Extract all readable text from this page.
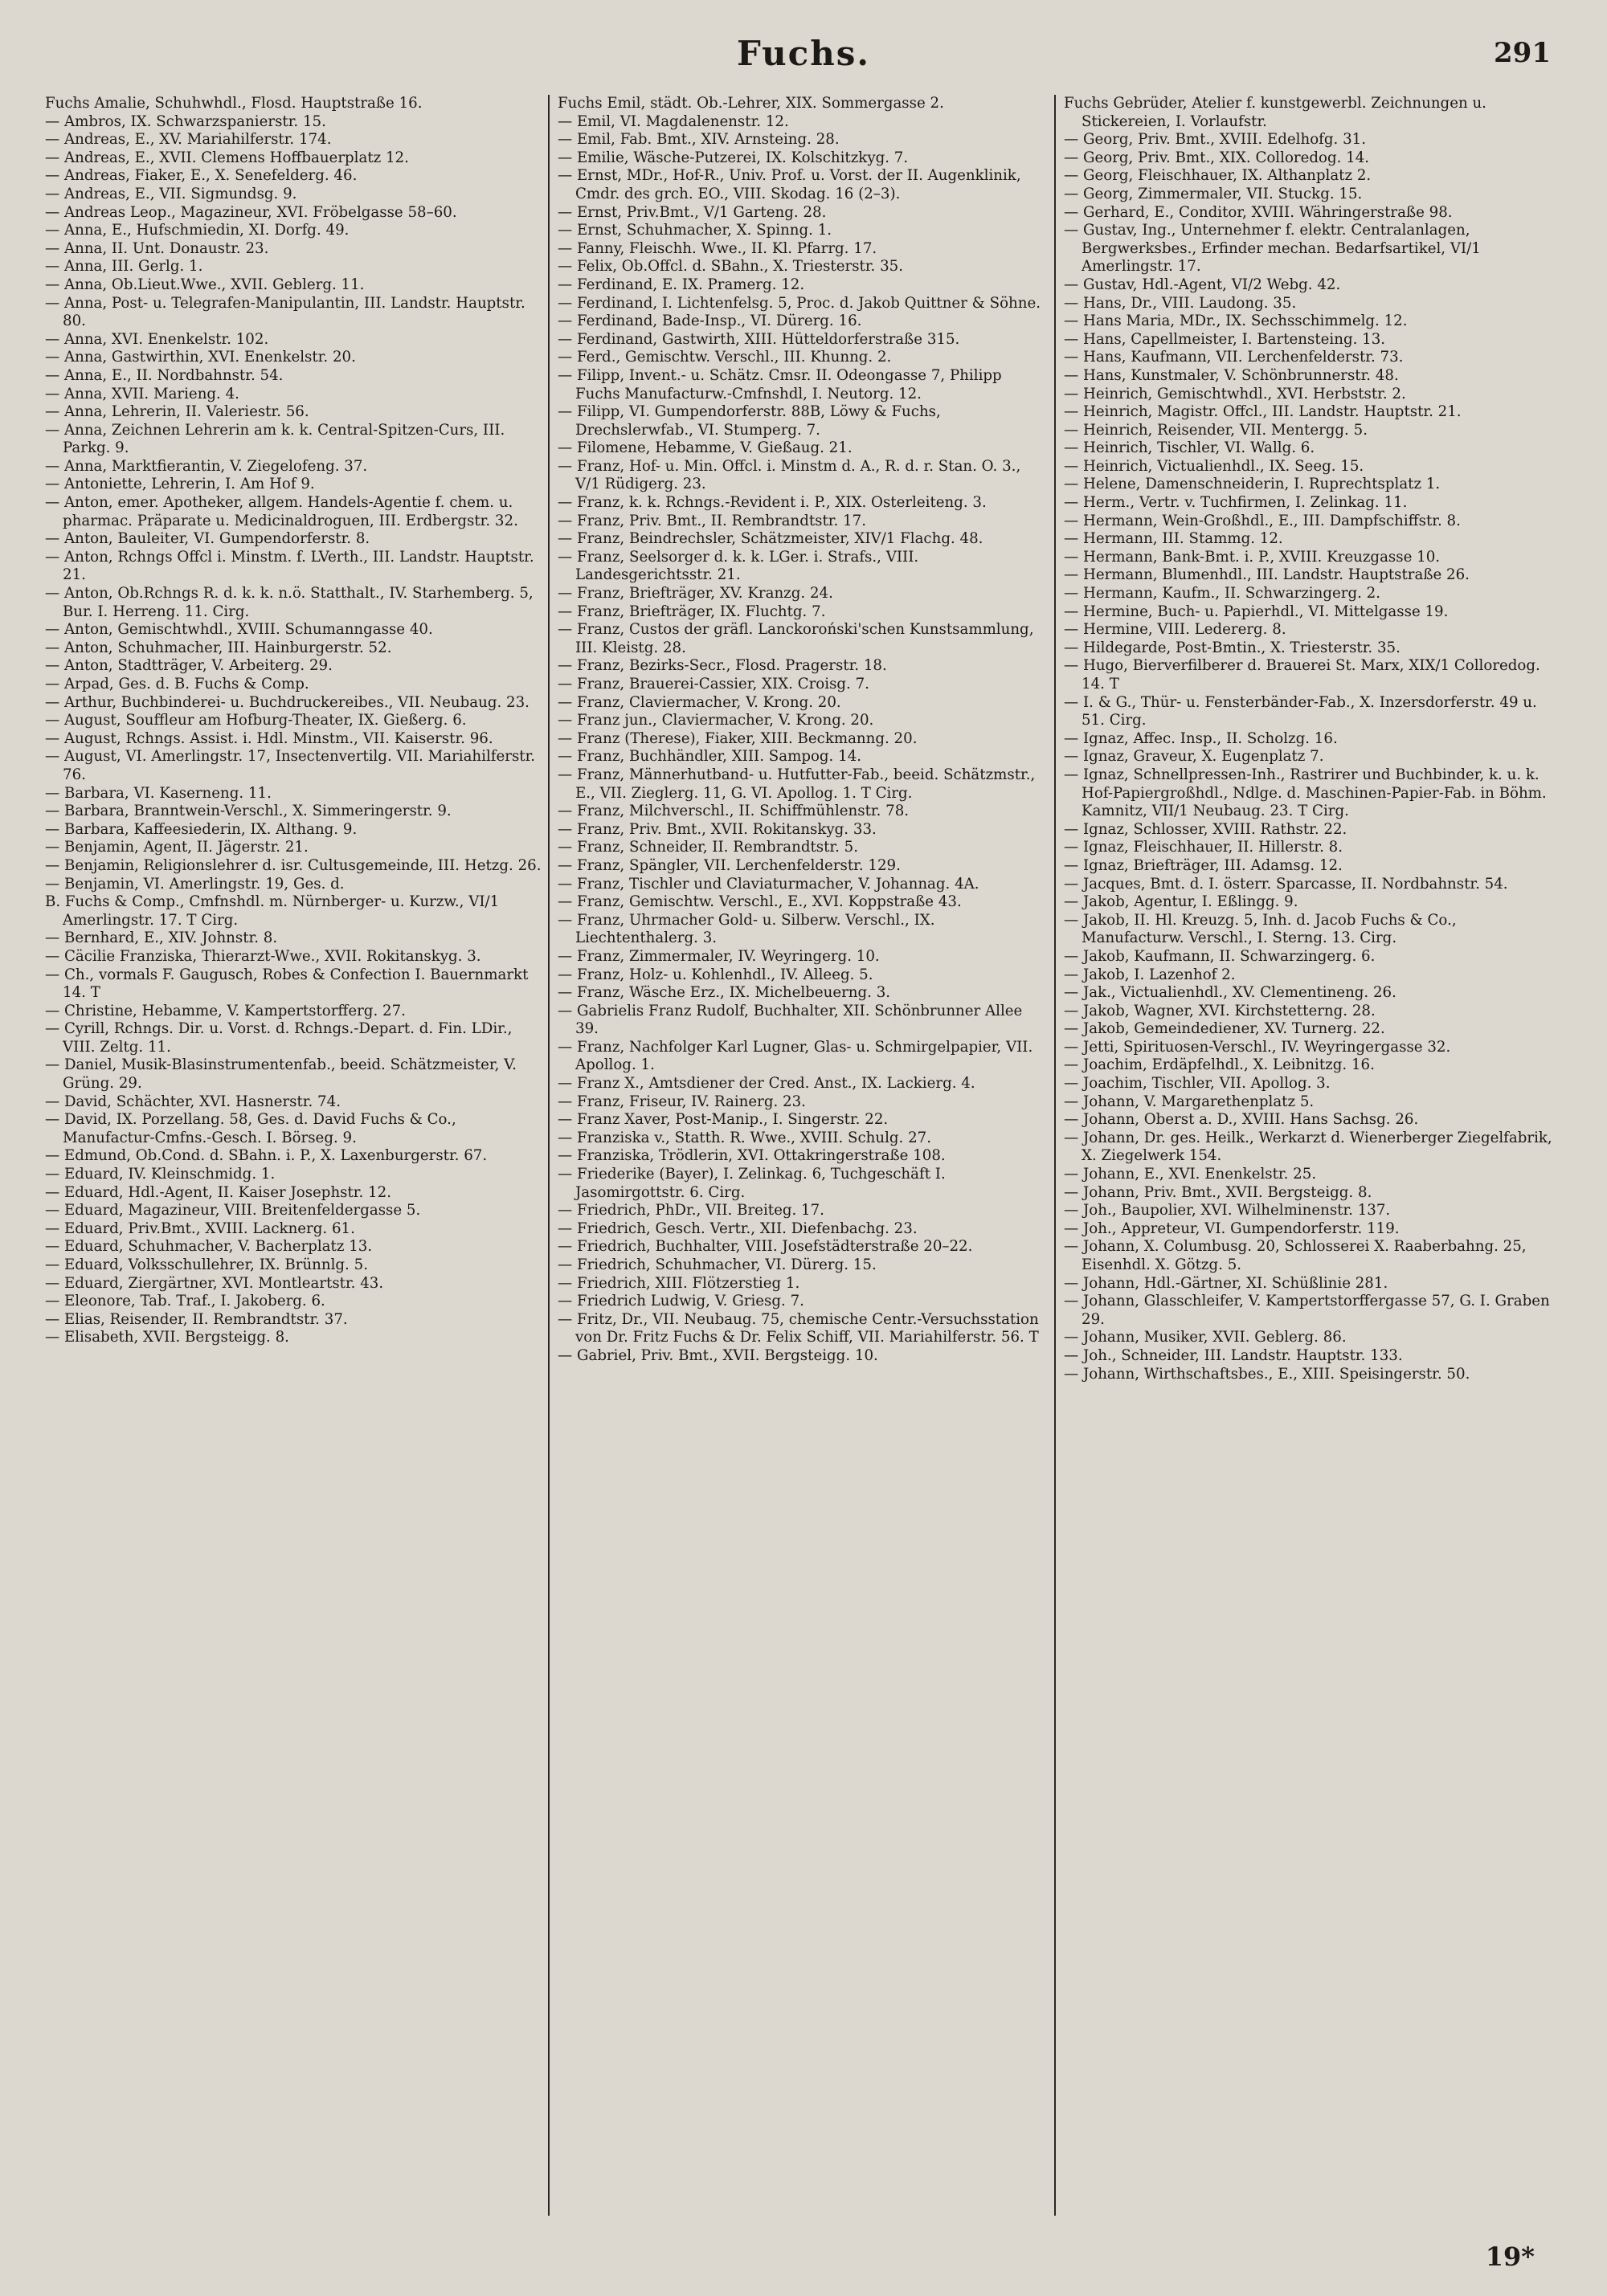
Fuchs.	291

Fuchs Amalie, Schuhwhdl., Flosd. Hauptstraße 16.

— Ambros, IX. Schwarzspanierstr. 15.

— Andreas, E., XV. Mariahilferstr. 174.

— Andreas, E., XVII. Clemens Hoffbauerplatz 12.

— Andreas, Fiaker, E., X. Senefelderg. 46.

— Andreas, E., VII. Sigmundsg. 9.

— Andreas Leop., Magazineur, XVI. Fröbelgasse 58–60.

— Anna, E., Hufschmiedin, XI. Dorfg. 49.

— Anna, II. Unt. Donaustr. 23.

— Anna, III. Gerlg. 1.

— Anna, Ob.Lieut.Wwe., XVII. Geblerg. 11.

— Anna, Post- u. Telegrafen-Manipulantin, III. Landstr. Hauptstr. 80.

— Anna, XVI. Enenkelstr. 102.

— Anna, Gastwirthin, XVI. Enenkelstr. 20.

— Anna, E., II. Nordbahnstr. 54.

— Anna, XVII. Marieng. 4.

— Anna, Lehrerin, II. Valeriestr. 56.

— Anna, Zeichnen Lehrerin am k. k. Central-Spitzen-Curs, III. Parkg. 9.

— Anna, Marktfierantin, V. Ziegelofeng. 37.

— Antoniette, Lehrerin, I. Am Hof 9.

— Anton, emer. Apotheker, allgem. Handels-Agentie f. chem. u. pharmac. Präparate u. Medicinaldroguen, III. Erdbergstr. 32.

— Anton, Bauleiter, VI. Gumpendorferstr. 8.

— Anton, Rchngs Offcl i. Minstm. f. LVerth., III. Landstr. Hauptstr. 21.

— Anton, Ob.Rchngs R. d. k. k. n.ö. Statthalt., IV. Starhemberg. 5, Bur. I. Herreng. 11. Cirg.

— Anton, Gemischtwhdl., XVIII. Schumanngasse 40.

— Anton, Schuhmacher, III. Hainburgerstr. 52.

— Anton, Stadtträger, V. Arbeiterg. 29.

— Arpad, Ges. d. B. Fuchs & Comp.

— Arthur, Buchbinderei- u. Buchdruckereibes., VII. Neubaug. 23.

— August, Souffleur am Hofburg-Theater, IX. Gießerg. 6.

— August, Rchngs. Assist. i. Hdl. Minstm., VII. Kaiserstr. 96.

— August, VI. Amerlingstr. 17, Insectenvertilg. VII. Mariahilferstr. 76.

— Barbara, VI. Kaserneng. 11.

— Barbara, Branntwein-Verschl., X. Simmeringerstr. 9.

— Barbara, Kaffeesiederin, IX. Althang. 9.

— Benjamin, Agent, II. Jägerstr. 21.

— Benjamin, Religionslehrer d. isr. Cultusgemeinde, III. Hetzg. 26.

— Benjamin, VI. Amerlingstr. 19, Ges. d.

B. Fuchs & Comp., Cmfnshdl. m. Nürnberger- u. Kurzw., VI/1 Amerlingstr. 17. T Cirg.

— Bernhard, E., XIV. Johnstr. 8.

— Cäcilie Franziska, Thierarzt-Wwe., XVII. Rokitanskyg. 3.

— Ch., vormals F. Gaugusch, Robes & Confection I. Bauernmarkt 14. T

— Christine, Hebamme, V. Kampertstorfferg. 27.

— Cyrill, Rchngs. Dir. u. Vorst. d. Rchngs.-Depart. d. Fin. LDir., VIII. Zeltg. 11.

— Daniel, Musik-Blasinstrumentenfab., beeid. Schätzmeister, V. Grüng. 29.

— David, Schächter, XVI. Hasnerstr. 74.

— David, IX. Porzellang. 58, Ges. d. David Fuchs & Co., Manufactur-Cmfns.-Gesch. I. Börseg. 9.

— Edmund, Ob.Cond. d. SBahn. i. P., X. Laxenburgerstr. 67.

— Eduard, IV. Kleinschmidg. 1.

— Eduard, Hdl.-Agent, II. Kaiser Josephstr. 12.

— Eduard, Magazineur, VIII. Breitenfeldergasse 5.

— Eduard, Priv.Bmt., XVIII. Lacknerg. 61.

— Eduard, Schuhmacher, V. Bacherplatz 13.

— Eduard, Volksschullehrer, IX. Brünnlg. 5.

— Eduard, Ziergärtner, XVI. Montleartstr. 43.

— Eleonore, Tab. Traf., I. Jakoberg. 6.

— Elias, Reisender, II. Rembrandtstr. 37.

— Elisabeth, XVII. Bergsteigg. 8.

Fuchs Emil, städt. Ob.-Lehrer, XIX. Sommergasse 2.

— Emil, VI. Magdalenenstr. 12.

— Emil, Fab. Bmt., XIV. Arnsteing. 28.

— Emilie, Wäsche-Putzerei, IX. Kolschitzkyg. 7.

— Ernst, MDr., Hof-R., Univ. Prof. u. Vorst. der II. Augenklinik, Cmdr. des grch. EO., VIII. Skodag. 16 (2–3).

— Ernst, Priv.Bmt., V/1 Garteng. 28.

— Ernst, Schuhmacher, X. Spinng. 1.

— Fanny, Fleischh. Wwe., II. Kl. Pfarrg. 17.

— Felix, Ob.Offcl. d. SBahn., X. Triesterstr. 35.

— Ferdinand, E. IX. Pramerg. 12.

— Ferdinand, I. Lichtenfelsg. 5, Proc. d. Jakob Quittner & Söhne.

— Ferdinand, Bade-Insp., VI. Dürerg. 16.

— Ferdinand, Gastwirth, XIII. Hütteldorferstraße 315.

— Ferd., Gemischtw. Verschl., III. Khunng. 2.

— Filipp, Invent.- u. Schätz. Cmsr. II. Odeongasse 7, Philipp Fuchs Manufacturw.-Cmfnshdl, I. Neutorg. 12.

— Filipp, VI. Gumpendorferstr. 88B, Löwy & Fuchs, Drechslerwfab., VI. Stumperg. 7.

— Filomene, Hebamme, V. Gießaug. 21.

— Franz, Hof- u. Min. Offcl. i. Minstm d. A., R. d. r. Stan. O. 3., V/1 Rüdigerg. 23.

— Franz, k. k. Rchngs.-Revident i. P., XIX. Osterleiteng. 3.

— Franz, Priv. Bmt., II. Rembrandtstr. 17.

— Franz, Beindrechsler, Schätzmeister, XIV/1 Flachg. 48.

— Franz, Seelsorger d. k. k. LGer. i. Strafs., VIII. Landesgerichtsstr. 21.

— Franz, Briefträger, XV. Kranzg. 24.

— Franz, Briefträger, IX. Fluchtg. 7.

— Franz, Custos der gräfl. Lanckoroński'schen Kunstsammlung, III. Kleistg. 28.

— Franz, Bezirks-Secr., Flosd. Pragerstr. 18.

— Franz, Brauerei-Cassier, XIX. Croisg. 7.

— Franz, Claviermacher, V. Krong. 20.

— Franz jun., Claviermacher, V. Krong. 20.

— Franz (Therese), Fiaker, XIII. Beckmanng. 20.

— Franz, Buchhändler, XIII. Sampog. 14.

— Franz, Männerhutband- u. Hutfutter-Fab., beeid. Schätzmstr., E., VII. Zieglerg. 11, G. VI. Apollog. 1. T Cirg.

— Franz, Milchverschl., II. Schiffmühlenstr. 78.

— Franz, Priv. Bmt., XVII. Rokitanskyg. 33.

— Franz, Schneider, II. Rembrandtstr. 5.

— Franz, Spängler, VII. Lerchenfelderstr. 129.

— Franz, Tischler und Claviaturmacher, V. Johannag. 4A.

— Franz, Gemischtw. Verschl., E., XVI. Koppstraße 43.

— Franz, Uhrmacher Gold- u. Silberw. Verschl., IX. Liechtenthalerg. 3.

— Franz, Zimmermaler, IV. Weyringerg. 10.

— Franz, Holz- u. Kohlenhdl., IV. Alleeg. 5.

— Franz, Wäsche Erz., IX. Michelbeuerng. 3.

— Gabrielis Franz Rudolf, Buchhalter, XII. Schönbrunner Allee 39.

— Franz, Nachfolger Karl Lugner, Glas- u. Schmirgelpapier, VII. Apollog. 1.

— Franz X., Amtsdiener der Cred. Anst., IX. Lackierg. 4.

— Franz, Friseur, IV. Rainerg. 23.

— Franz Xaver, Post-Manip., I. Singerstr. 22.

— Franziska v., Statth. R. Wwe., XVIII. Schulg. 27.

— Franziska, Trödlerin, XVI. Ottakringerstraße 108.

— Friederike (Bayer), I. Zelinkag. 6, Tuchgeschäft I. Jasomirgottstr. 6. Cirg.

— Friedrich, PhDr., VII. Breiteg. 17.

— Friedrich, Gesch. Vertr., XII. Diefenbachg. 23.

— Friedrich, Buchhalter, VIII. Josefstädterstraße 20–22.

— Friedrich, Schuhmacher, VI. Dürerg. 15.

— Friedrich, XIII. Flötzerstieg 1.

— Friedrich Ludwig, V. Griesg. 7.

— Fritz, Dr., VII. Neubaug. 75, chemische Centr.-Versuchsstation von Dr. Fritz Fuchs & Dr. Felix Schiff, VII. Mariahilferstr. 56. T

— Gabriel, Priv. Bmt., XVII. Bergsteigg. 10.

Fuchs Gebrüder, Atelier f. kunstgewerbl. Zeichnungen u. Stickereien, I. Vorlaufstr.

— Georg, Priv. Bmt., XVIII. Edelhofg. 31.

— Georg, Priv. Bmt., XIX. Colloredog. 14.

— Georg, Fleischhauer, IX. Althanplatz 2.

— Georg, Zimmermaler, VII. Stuckg. 15.

— Gerhard, E., Conditor, XVIII. Währingerstraße 98.

— Gustav, Ing., Unternehmer f. elektr. Centralanlagen, Bergwerksbes., Erfinder mechan. Bedarfsartikel, VI/1 Amerlingstr. 17.

— Gustav, Hdl.-Agent, VI/2 Webg. 42.

— Hans, Dr., VIII. Laudong. 35.

— Hans Maria, MDr., IX. Sechsschimmelg. 12.

— Hans, Capellmeister, I. Bartensteing. 13.

— Hans, Kaufmann, VII. Lerchenfelderstr. 73.

— Hans, Kunstmaler, V. Schönbrunnerstr. 48.

— Heinrich, Gemischtwhdl., XVI. Herbststr. 2.

— Heinrich, Magistr. Offcl., III. Landstr. Hauptstr. 21.

— Heinrich, Reisender, VII. Mentergg. 5.

— Heinrich, Tischler, VI. Wallg. 6.

— Heinrich, Victualienhdl., IX. Seeg. 15.

— Helene, Damenschneiderin, I. Ruprechtsplatz 1.

— Herm., Vertr. v. Tuchfirmen, I. Zelinkag. 11.

— Hermann, Wein-Großhdl., E., III. Dampfschiffstr. 8.

— Hermann, III. Stammg. 12.

— Hermann, Bank-Bmt. i. P., XVIII. Kreuzgasse 10.

— Hermann, Blumenhdl., III. Landstr. Hauptstraße 26.

— Hermann, Kaufm., II. Schwarzingerg. 2.

— Hermine, Buch- u. Papierhdl., VI. Mittelgasse 19.

— Hermine, VIII. Ledererg. 8.

— Hildegarde, Post-Bmtin., X. Triesterstr. 35.

— Hugo, Bierverfilberer d. Brauerei St. Marx, XIX/1 Colloredog. 14. T

— I. & G., Thür- u. Fensterbänder-Fab., X. Inzersdorferstr. 49 u. 51. Cirg.

— Ignaz, Affec. Insp., II. Scholzg. 16.

— Ignaz, Graveur, X. Eugenplatz 7.

— Ignaz, Schnellpressen-Inh., Rastrirer und Buchbinder, k. u. k. Hof-Papiergroßhdl., Ndlge. d. Maschinen-Papier-Fab. in Böhm. Kamnitz, VII/1 Neubaug. 23. T Cirg.

— Ignaz, Schlosser, XVIII. Rathstr. 22.

— Ignaz, Fleischhauer, II. Hillerstr. 8.

— Ignaz, Briefträger, III. Adamsg. 12.

— Jacques, Bmt. d. I. österr. Sparcasse, II. Nordbahnstr. 54.

— Jakob, Agentur, I. Eßlingg. 9.

— Jakob, II. Hl. Kreuzg. 5, Inh. d. Jacob Fuchs & Co., Manufacturw. Verschl., I. Sterng. 13. Cirg.

— Jakob, Kaufmann, II. Schwarzingerg. 6.

— Jakob, I. Lazenhof 2.

— Jak., Victualienhdl., XV. Clementineng. 26.

— Jakob, Wagner, XVI. Kirchstetterng. 28.

— Jakob, Gemeindediener, XV. Turnerg. 22.

— Jetti, Spirituosen-Verschl., IV. Weyringergasse 32.

— Joachim, Erdäpfelhdl., X. Leibnitzg. 16.

— Joachim, Tischler, VII. Apollog. 3.

— Johann, V. Margarethenplatz 5.

— Johann, Oberst a. D., XVIII. Hans Sachsg. 26.

— Johann, Dr. ges. Heilk., Werkarzt d. Wienerberger Ziegelfabrik, X. Ziegelwerk 154.

— Johann, E., XVI. Enenkelstr. 25.

— Johann, Priv. Bmt., XVII. Bergsteigg. 8.

— Joh., Baupolier, XVI. Wilhelminenstr. 137.

— Joh., Appreteur, VI. Gumpendorferstr. 119.

— Johann, X. Columbusg. 20, Schlosserei X. Raaberbahng. 25, Eisenhdl. X. Götzg. 5.

— Johann, Hdl.-Gärtner, XI. Schüßlinie 281.

— Johann, Glasschleifer, V. Kampertstorffergasse 57, G. I. Graben 29.

— Johann, Musiker, XVII. Geblerg. 86.

— Joh., Schneider, III. Landstr. Hauptstr. 133.

— Johann, Wirthschaftsbes., E., XIII. Speisingerstr. 50.

19*
